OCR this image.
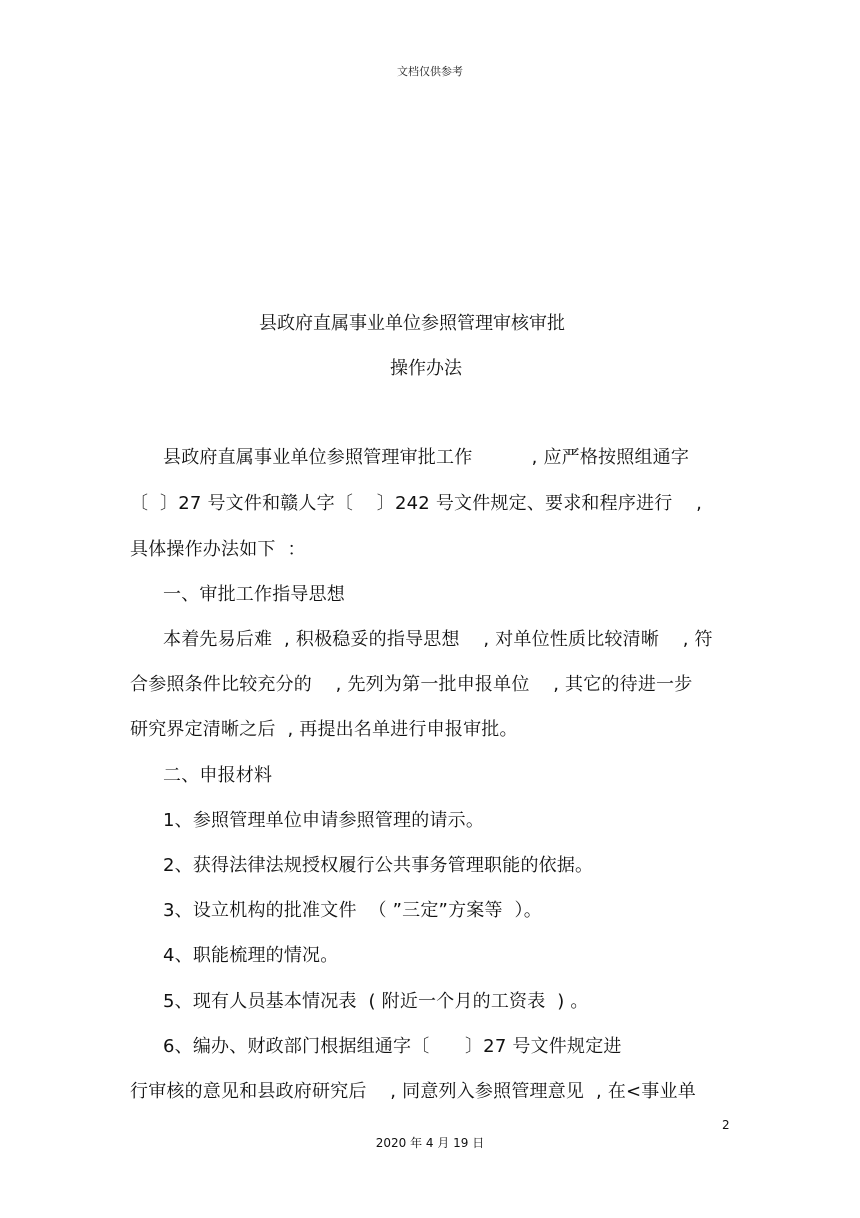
文档仅供参考
县政府直属事业单位参照管理审核审批
操作办法
县政府直属事业单位参照管理审批工作          , 应严格按照组通字
〔  〕27 号文件和赣人字〔    〕242 号文件规定、要求和程序进行    ,
具体操作办法如下  ：
一、审批工作指导思想
本着先易后难  , 积极稳妥的指导思想    , 对单位性质比较清晰    , 符
合参照条件比较充分的    , 先列为第一批申报单位    , 其它的待进一步
研究界定清晰之后  , 再提出名单进行申报审批。
二、申报材料
1、参照管理单位申请参照管理的请示。
2、获得法律法规授权履行公共事务管理职能的依据。
3、设立机构的批准文件  （ ”三定”方案等  ）。
4、职能梳理的情况。
5、现有人员基本情况表  ( 附近一个月的工资表  ) 。
6、编办、财政部门根据组通字〔      〕27 号文件规定进
行审核的意见和县政府研究后    , 同意列入参照管理意见  , 在<事业单
2
2020 年 4 月 19 日
